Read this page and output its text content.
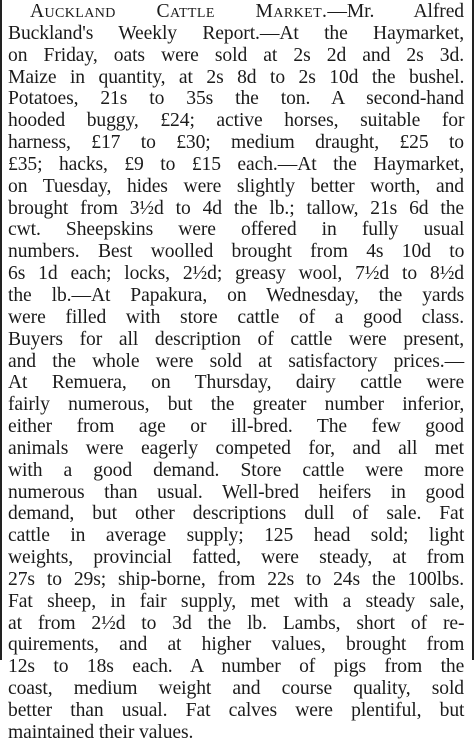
Auckland Cattle Market.—Mr. Alfred
Buckland's Weekly Report.—At the Haymarket,
on Friday, oats were sold at 2s 2d and 2s 3d.
Maize in quantity, at 2s 8d to 2s 10d the bushel.
Potatoes, 21s to 35s the ton. A second-hand
hooded buggy, £24; active horses, suitable for
harness, £17 to £30; medium draught, £25 to
£35; hacks, £9 to £15 each.—At the Haymarket,
on Tuesday, hides were slightly better worth, and
brought from 3½d to 4d the lb.; tallow, 21s 6d the
cwt. Sheepskins were offered in fully usual
numbers. Best woolled brought from 4s 10d to
6s 1d each; locks, 2½d; greasy wool, 7½d to 8½d
the lb.—At Papakura, on Wednesday, the yards
were filled with store cattle of a good class.
Buyers for all description of cattle were present,
and the whole were sold at satisfactory prices.—
At Remuera, on Thursday, dairy cattle were
fairly numerous, but the greater number inferior,
either from age or ill-bred. The few good
animals were eagerly competed for, and all met
with a good demand. Store cattle were more
numerous than usual. Well-bred heifers in good
demand, but other descriptions dull of sale. Fat
cattle in average supply; 125 head sold; light
weights, provincial fatted, were steady, at from
27s to 29s; ship-borne, from 22s to 24s the 100lbs.
Fat sheep, in fair supply, met with a steady sale,
at from 2½d to 3d the lb. Lambs, short of re-
quirements, and at higher values, brought from
12s to 18s each. A number of pigs from the
coast, medium weight and course quality, sold
better than usual. Fat calves were plentiful, but
maintained their values.
